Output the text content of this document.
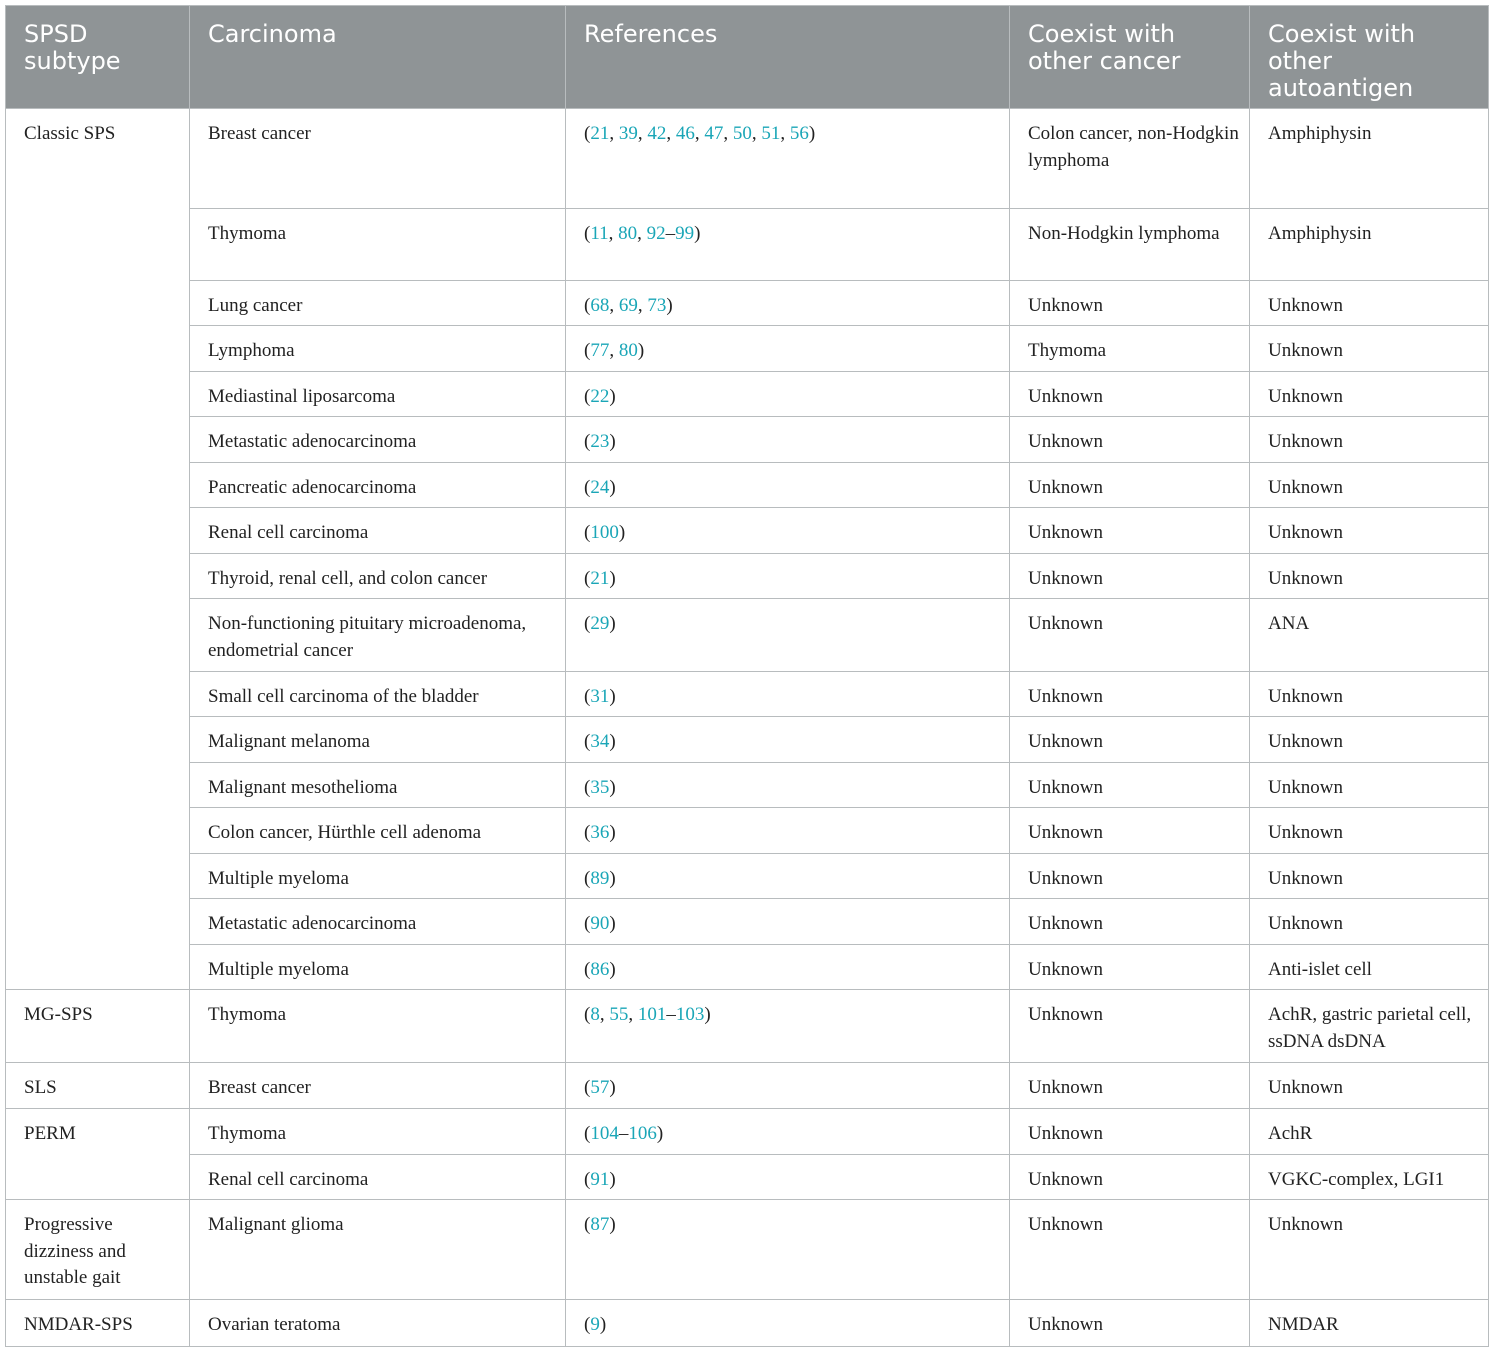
SPSD subtype	Carcinoma	References	Coexist with other cancer	Coexist with other autoantigen
Classic SPS	Breast cancer	(21, 39, 42, 46, 47, 50, 51, 56)	Colon cancer, non-Hodgkin lymphoma	Amphiphysin
	Thymoma	(11, 80, 92–99)	Non-Hodgkin lymphoma	Amphiphysin
	Lung cancer	(68, 69, 73)	Unknown	Unknown
	Lymphoma	(77, 80)	Thymoma	Unknown
	Mediastinal liposarcoma	(22)	Unknown	Unknown
	Metastatic adenocarcinoma	(23)	Unknown	Unknown
	Pancreatic adenocarcinoma	(24)	Unknown	Unknown
	Renal cell carcinoma	(100)	Unknown	Unknown
	Thyroid, renal cell, and colon cancer	(21)	Unknown	Unknown
	Non-functioning pituitary microadenoma, endometrial cancer	(29)	Unknown	ANA
	Small cell carcinoma of the bladder	(31)	Unknown	Unknown
	Malignant melanoma	(34)	Unknown	Unknown
	Malignant mesothelioma	(35)	Unknown	Unknown
	Colon cancer, Hürthle cell adenoma	(36)	Unknown	Unknown
	Multiple myeloma	(89)	Unknown	Unknown
	Metastatic adenocarcinoma	(90)	Unknown	Unknown
	Multiple myeloma	(86)	Unknown	Anti-islet cell
MG-SPS	Thymoma	(8, 55, 101–103)	Unknown	AchR, gastric parietal cell, ssDNA dsDNA
SLS	Breast cancer	(57)	Unknown	Unknown
PERM	Thymoma	(104–106)	Unknown	AchR
	Renal cell carcinoma	(91)	Unknown	VGKC-complex, LGI1
Progressive dizziness and unstable gait	Malignant glioma	(87)	Unknown	Unknown
NMDAR-SPS	Ovarian teratoma	(9)	Unknown	NMDAR
